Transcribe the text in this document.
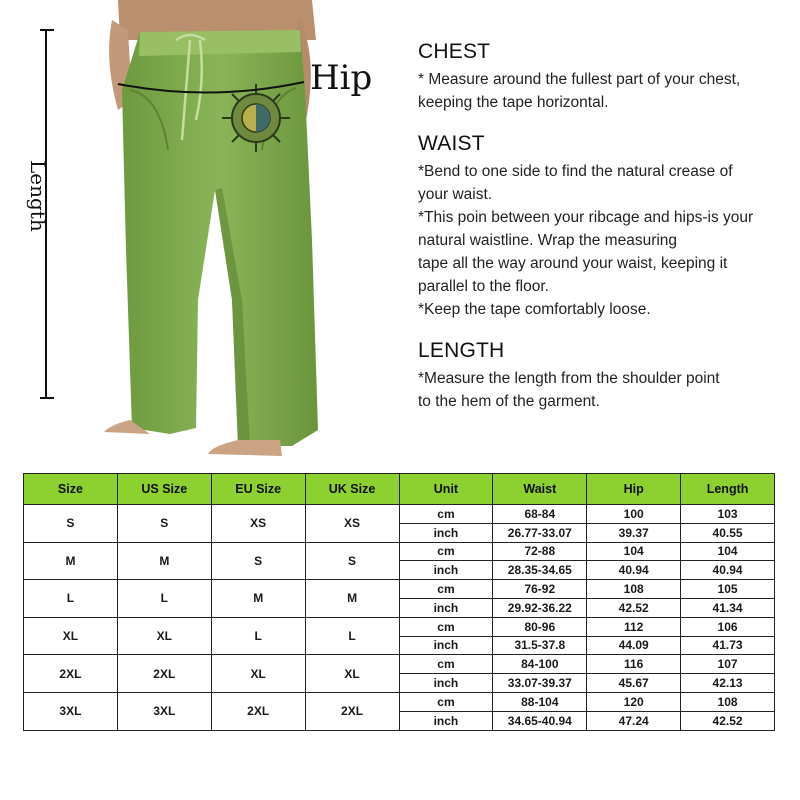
Hip
Length
CHEST
* Measure around the fullest part of your chest,
keeping the tape horizontal.
WAIST
*Bend to one side to find the natural crease of
your waist.
*This poin between your ribcage and hips-is your
natural waistline. Wrap the measuring
tape all the way around your waist, keeping it
parallel to the floor.
*Keep the tape comfortably loose.
LENGTH
*Measure the length from the shoulder point
to the hem of the garment.
Size	US Size	EU Size	UK Size	Unit	Waist	Hip	Length
S	S	XS	XS	cm	68-84	100	103
				inch	26.77-33.07	39.37	40.55
M	M	S	S	cm	72-88	104	104
				inch	28.35-34.65	40.94	40.94
L	L	M	M	cm	76-92	108	105
				inch	29.92-36.22	42.52	41.34
XL	XL	L	L	cm	80-96	112	106
				inch	31.5-37.8	44.09	41.73
2XL	2XL	XL	XL	cm	84-100	116	107
				inch	33.07-39.37	45.67	42.13
3XL	3XL	2XL	2XL	cm	88-104	120	108
				inch	34.65-40.94	47.24	42.52
